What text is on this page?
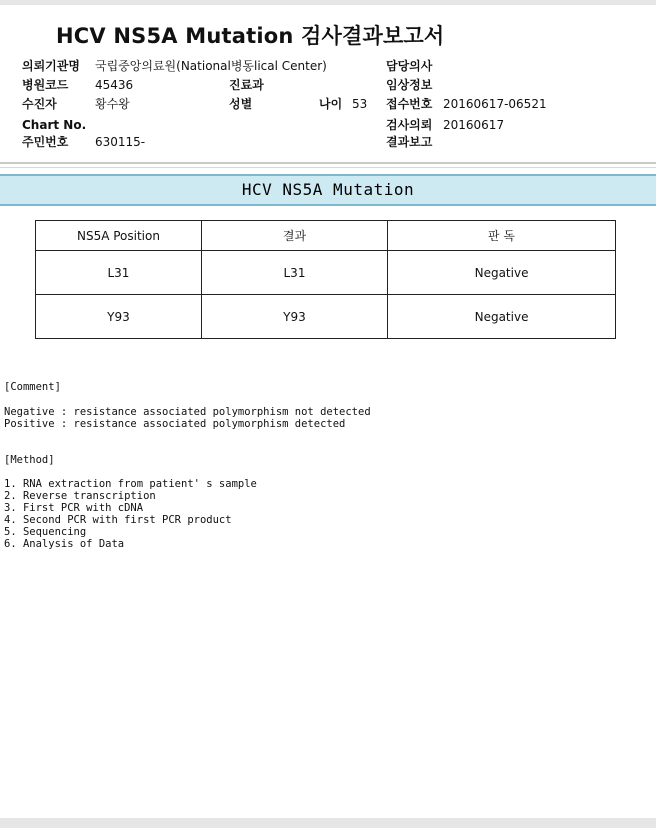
HCV NS5A Mutation 검사결과보고서
의뢰기관명 국립중앙의료원(National병동lical Center)	담당의사
병원코드 45436	진료과	임상정보
수진자	황수왕	성별	나이 53 접수번호 20160617-06521
Chart No.	검사의뢰 20160617
주민번호 630115-	결과보고
HCV NS5A Mutation
NS5A Position	결과	판 독
L31	L31	Negative
Y93	Y93	Negative
[Comment]
Negative : resistance associated polymorphism not detected
Positive : resistance associated polymorphism detected
[Method]
1. RNA extraction from patient' s sample
2. Reverse transcription
3. First PCR with cDNA
4. Second PCR with first PCR product
5. Sequencing
6. Analysis of Data
